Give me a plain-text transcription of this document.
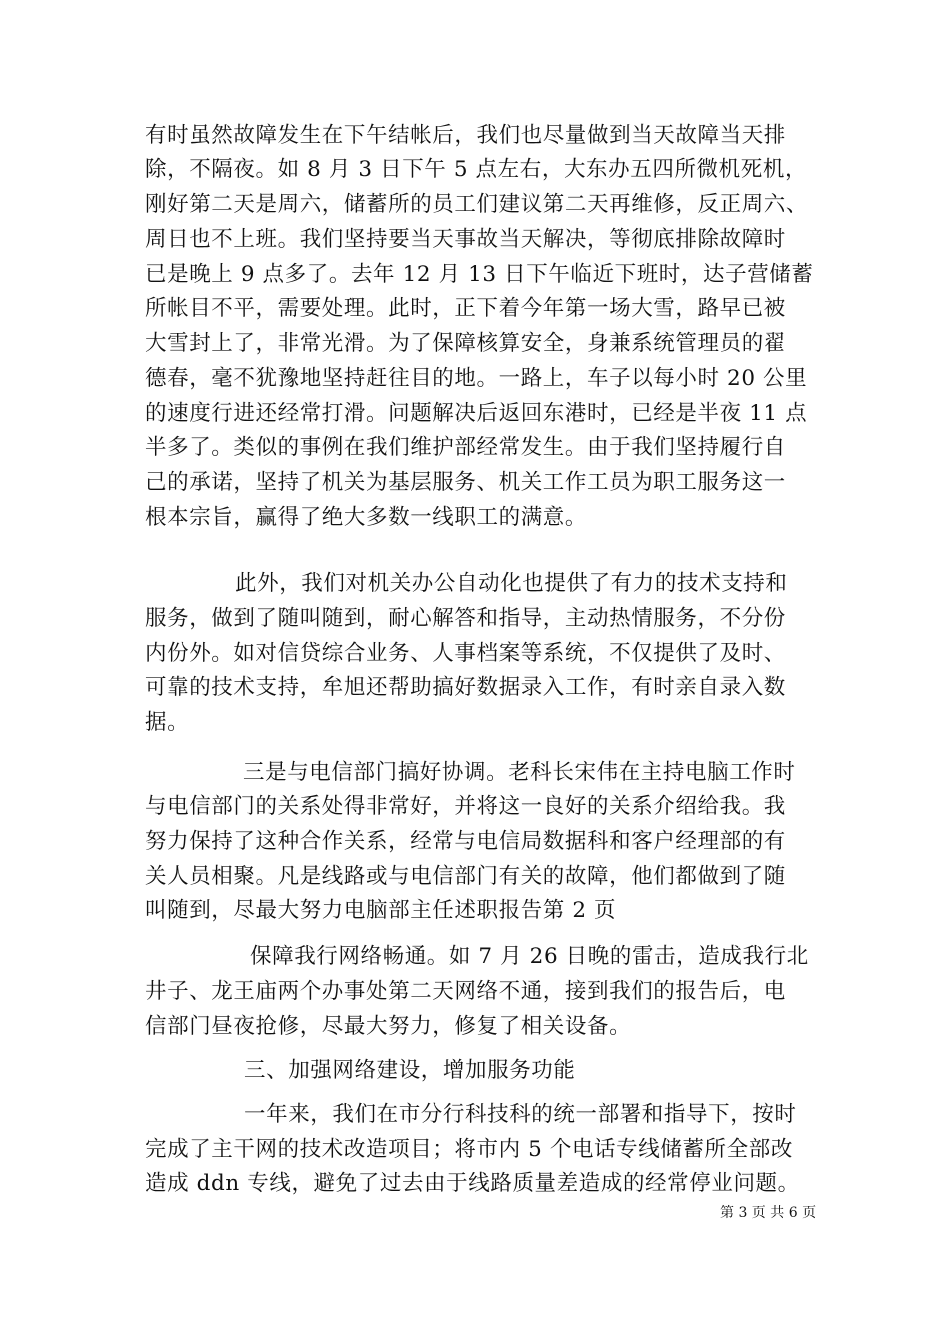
有时虽然故障发生在下午结帐后，我们也尽量做到当天故障当天排
除，不隔夜。如 8 月 3 日下午 5 点左右，大东办五四所微机死机，
刚好第二天是周六，储蓄所的员工们建议第二天再维修，反正周六、
周日也不上班。我们坚持要当天事故当天解决，等彻底排除故障时
已是晚上 9 点多了。去年 12 月 13 日下午临近下班时，达子营储蓄
所帐目不平，需要处理。此时，正下着今年第一场大雪，路早已被
大雪封上了，非常光滑。为了保障核算安全，身兼系统管理员的翟
德春，毫不犹豫地坚持赶往目的地。一路上，车子以每小时 20 公里
的速度行进还经常打滑。问题解决后返回东港时，已经是半夜 11 点
半多了。类似的事例在我们维护部经常发生。由于我们坚持履行自
己的承诺，坚持了机关为基层服务、机关工作工员为职工服务这一
根本宗旨，赢得了绝大多数一线职工的满意。
此外，我们对机关办公自动化也提供了有力的技术支持和
服务，做到了随叫随到，耐心解答和指导，主动热情服务，不分份
内份外。如对信贷综合业务、人事档案等系统，不仅提供了及时、
可靠的技术支持，牟旭还帮助搞好数据录入工作，有时亲自录入数
据。
三是与电信部门搞好协调。老科长宋伟在主持电脑工作时
与电信部门的关系处得非常好，并将这一良好的关系介绍给我。我
努力保持了这种合作关系，经常与电信局数据科和客户经理部的有
关人员相聚。凡是线路或与电信部门有关的故障，他们都做到了随
叫随到，尽最大努力电脑部主任述职报告第 2 页
保障我行网络畅通。如 7 月 26 日晚的雷击，造成我行北
井子、龙王庙两个办事处第二天网络不通，接到我们的报告后，电
信部门昼夜抢修，尽最大努力，修复了相关设备。
三、加强网络建设，增加服务功能
一年来，我们在市分行科技科的统一部署和指导下，按时
完成了主干网的技术改造项目；将市内 5 个电话专线储蓄所全部改
造成 ddn 专线，避免了过去由于线路质量差造成的经常停业问题。
第 3 页 共 6 页
